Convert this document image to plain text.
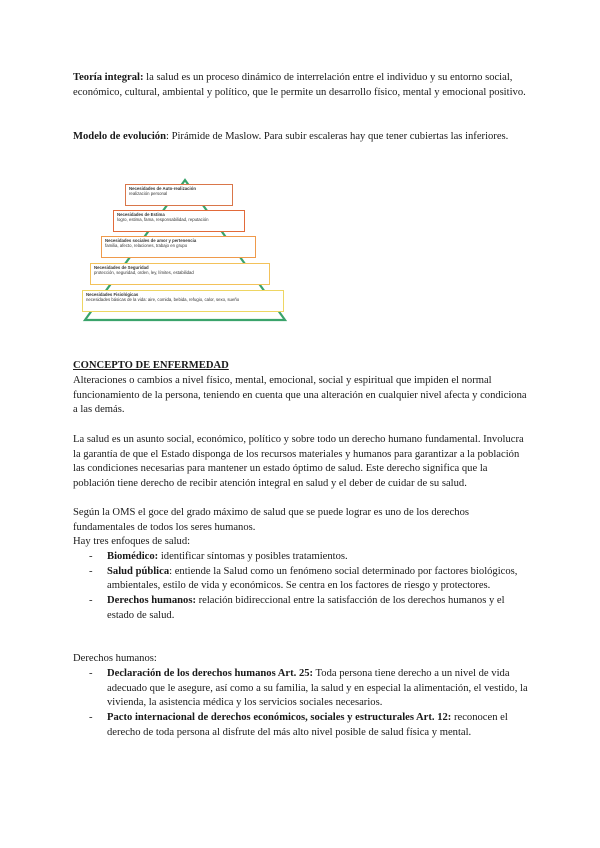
Teoría integral: la salud es un proceso dinámico de interrelación entre el individuo y su entorno social, económico, cultural, ambiental y político, que le permite un desarrollo físico, mental y emocional positivo.

Modelo de evolución: Pirámide de Maslow. Para subir escaleras hay que tener cubiertas las inferiores.

Necesidades de Auto-realización
realización personal
Necesidades de Estima
logro, estima, fama, responsabilidad, reputación
Necesidades sociales de amor y pertenencia
familia, afecto, relaciones, trabajo en grupo
Necesidades de Seguridad
protección, seguridad, orden, ley, límites, estabilidad
Necesidades Fisiológicas
necesidades básicas de la vida: aire, comida, bebida, refugio, calor, sexo, sueño

CONCEPTO DE ENFERMEDAD

Alteraciones o cambios a nivel físico, mental, emocional, social y espiritual que impiden el normal funcionamiento de la persona, teniendo en cuenta que una alteración en cualquier nivel afecta y condiciona a las demás.

La salud es un asunto social, económico, político y sobre todo un derecho humano fundamental. Involucra la garantía de que el Estado disponga de los recursos materiales y humanos para garantizar a la población las condiciones necesarias para mantener un estado óptimo de salud. Este derecho significa que la población tiene derecho de recibir atención integral en salud y el deber de cuidar de su salud.

Según la OMS el goce del grado máximo de salud que se puede lograr es uno de los derechos fundamentales de todos los seres humanos.

Hay tres enfoques de salud:

- Biomédico: identificar síntomas y posibles tratamientos.
- Salud pública: entiende la Salud como un fenómeno social determinado por factores biológicos, ambientales, estilo de vida y económicos. Se centra en los factores de riesgo y protectores.
- Derechos humanos: relación bidireccional entre la satisfacción de los derechos humanos y el estado de salud.

Derechos humanos:

- Declaración de los derechos humanos Art. 25: Toda persona tiene derecho a un nivel de vida adecuado que le asegure, así como a su familia, la salud y en especial la alimentación, el vestido, la vivienda, la asistencia médica y los servicios sociales necesarios.
- Pacto internacional de derechos económicos, sociales y estructurales Art. 12: reconocen el derecho de toda persona al disfrute del más alto nivel posible de salud física y mental.
